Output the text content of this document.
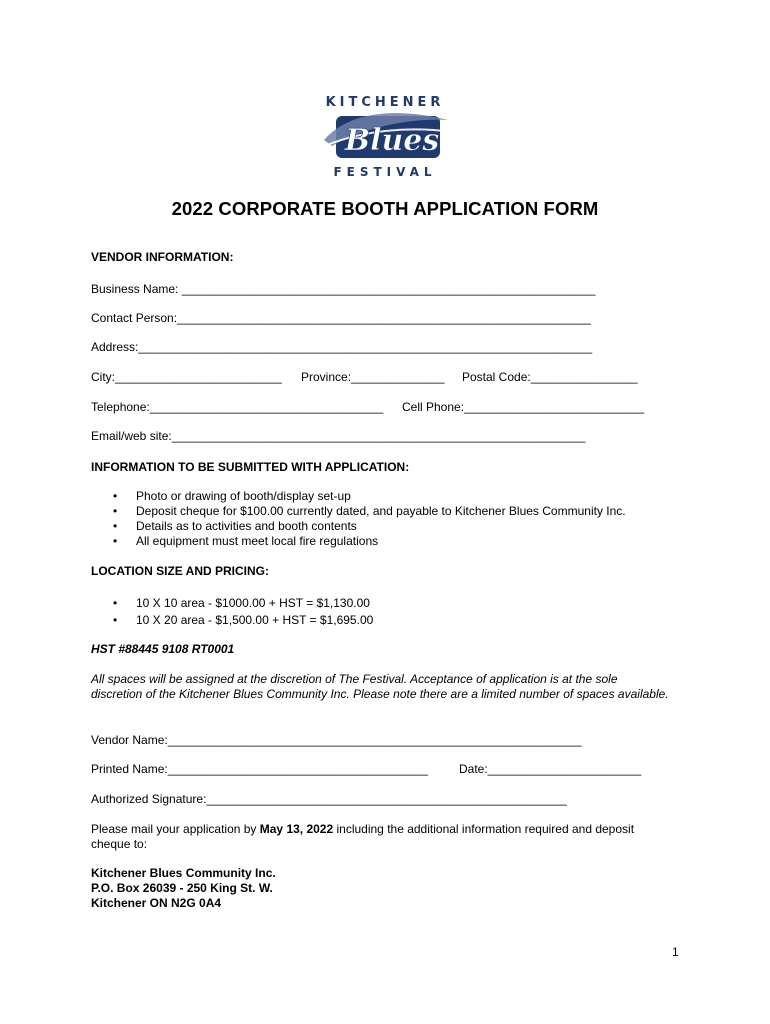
KITCHENER
Blues
FESTIVAL
2022 CORPORATE BOOTH APPLICATION FORM
VENDOR INFORMATION:
Business Name: ______________________________________________________________
Contact Person:______________________________________________________________
Address:____________________________________________________________________
City:_________________________	Province:______________	Postal Code:________________
Telephone:___________________________________	Cell Phone:___________________________
Email/web site:______________________________________________________________
INFORMATION TO BE SUBMITTED WITH APPLICATION:
• Photo or drawing of booth/display set-up
• Deposit cheque for $100.00 currently dated, and payable to Kitchener Blues Community Inc.
• Details as to activities and booth contents
• All equipment must meet local fire regulations
LOCATION SIZE AND PRICING:
• 10 X 10 area - $1000.00 + HST = $1,130.00
• 10 X 20 area - $1,500.00 + HST = $1,695.00
HST #88445 9108 RT0001
All spaces will be assigned at the discretion of The Festival. Acceptance of application is at the sole discretion of the Kitchener Blues Community Inc. Please note there are a limited number of spaces available.
Vendor Name:______________________________________________________________
Printed Name:_______________________________________	Date:_______________________
Authorized Signature:______________________________________________________
Please mail your application by May 13, 2022 including the additional information required and deposit cheque to:
Kitchener Blues Community Inc.
P.O. Box 26039 - 250 King St. W.
Kitchener ON N2G 0A4
1
